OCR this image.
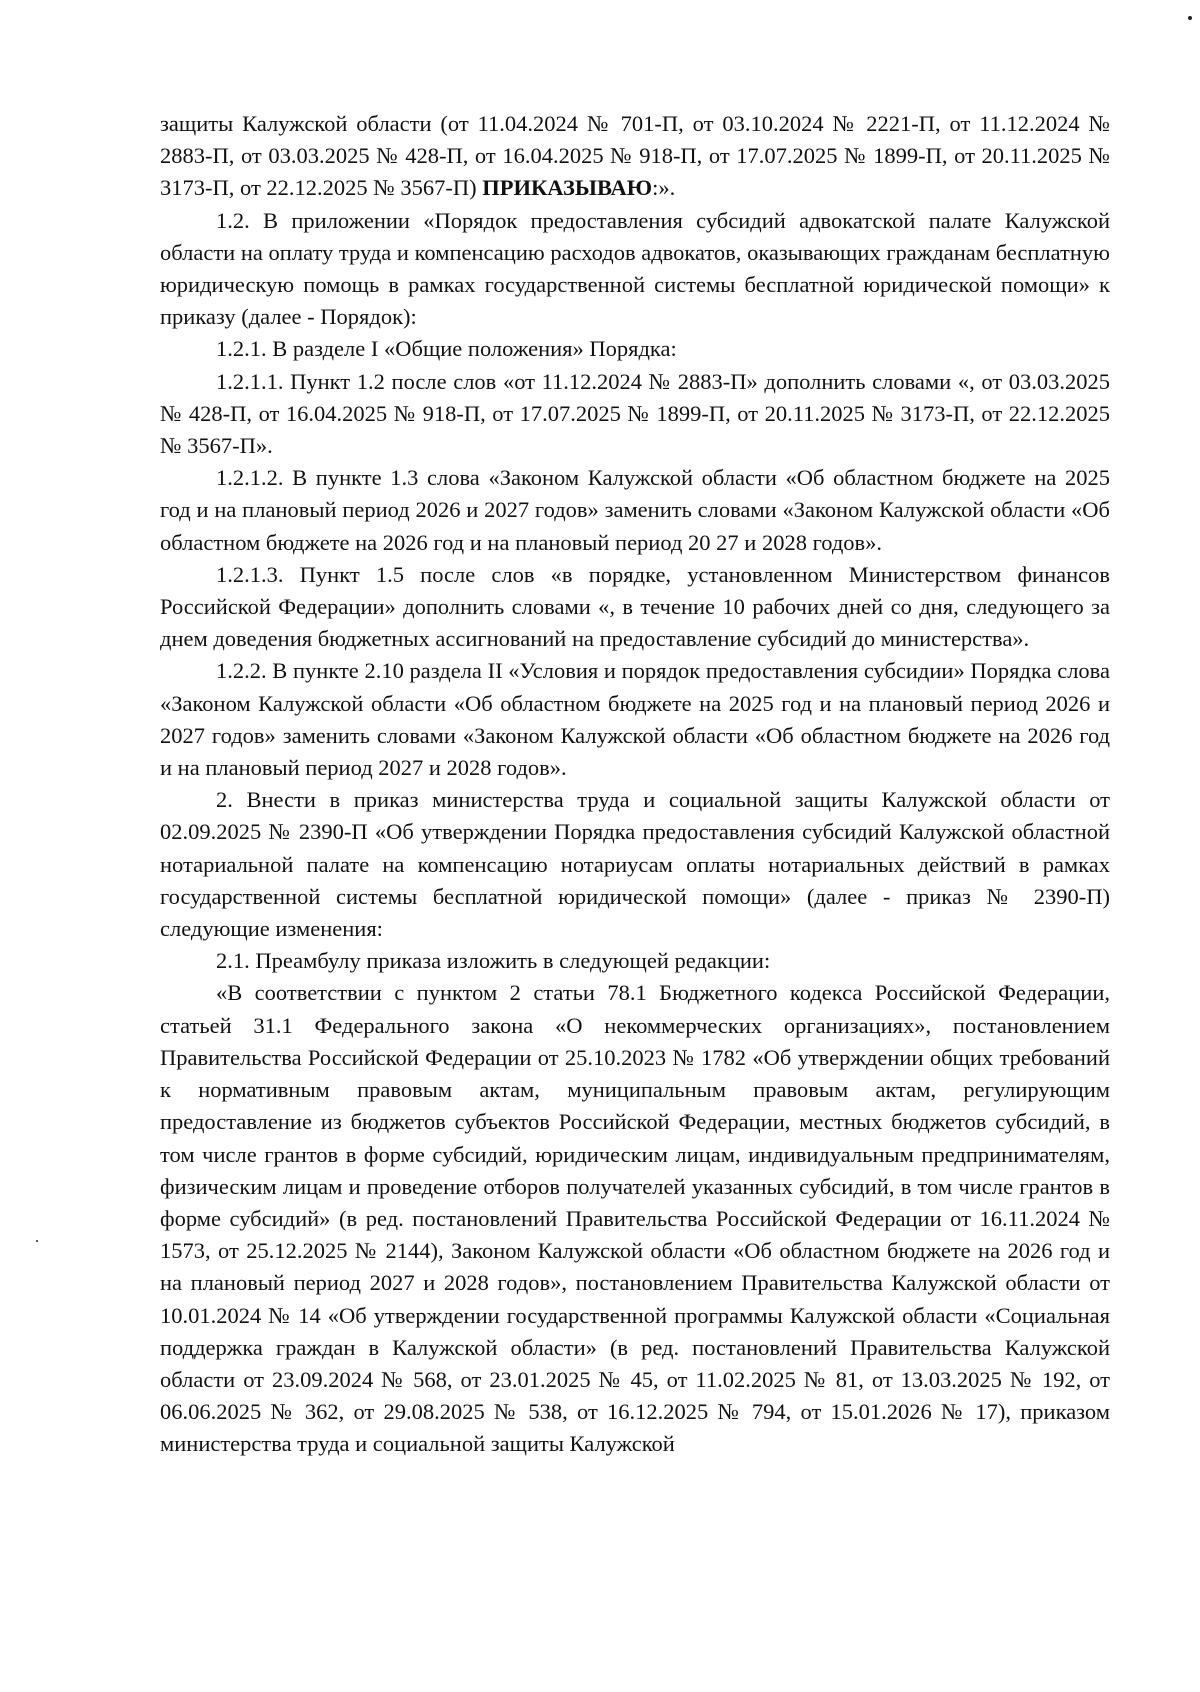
защиты Калужской области (от 11.04.2024 № 701-П, от 03.10.2024 № 2221-П, от 11.12.2024 № 2883-П, от 03.03.2025 № 428-П, от 16.04.2025 № 918-П, от 17.07.2025 № 1899-П, от 20.11.2025 № 3173-П, от 22.12.2025 № 3567-П) ПРИКАЗЫВАЮ:».

1.2. В приложении «Порядок предоставления субсидий адвокатской палате Калужской области на оплату труда и компенсацию расходов адвокатов, оказывающих гражданам бесплатную юридическую помощь в рамках государственной системы бесплатной юридической помощи» к приказу (далее - Порядок):

1.2.1. В разделе I «Общие положения» Порядка:

1.2.1.1. Пункт 1.2 после слов «от 11.12.2024 № 2883-П» дополнить словами «, от 03.03.2025 № 428-П, от 16.04.2025 № 918-П, от 17.07.2025 № 1899-П, от 20.11.2025 № 3173-П, от 22.12.2025 № 3567-П».

1.2.1.2. В пункте 1.3 слова «Законом Калужской области «Об областном бюджете на 2025 год и на плановый период 2026 и 2027 годов» заменить словами «Законом Калужской области «Об областном бюджете на 2026 год и на плановый период 20 27 и 2028 годов».

1.2.1.3. Пункт 1.5 после слов «в порядке, установленном Министерством финансов Российской Федерации» дополнить словами «, в течение 10 рабочих дней со дня, следующего за днем доведения бюджетных ассигнований на предоставление субсидий до министерства».

1.2.2. В пункте 2.10 раздела II «Условия и порядок предоставления субсидии» Порядка слова «Законом Калужской области «Об областном бюджете на 2025 год и на плановый период 2026 и 2027 годов» заменить словами «Законом Калужской области «Об областном бюджете на 2026 год и на плановый период 2027 и 2028 годов».

2. Внести в приказ министерства труда и социальной защиты Калужской области от 02.09.2025 № 2390-П «Об утверждении Порядка предоставления субсидий Калужской областной нотариальной палате на компенсацию нотариусам оплаты нотариальных действий в рамках государственной системы бесплатной юридической помощи» (далее - приказ № 2390-П) следующие изменения:

2.1. Преамбулу приказа изложить в следующей редакции:

«В соответствии с пунктом 2 статьи 78.1 Бюджетного кодекса Российской Федерации, статьей 31.1 Федерального закона «О некоммерческих организациях», постановлением Правительства Российской Федерации от 25.10.2023 № 1782 «Об утверждении общих требований к нормативным правовым актам, муниципальным правовым актам, регулирующим предоставление из бюджетов субъектов Российской Федерации, местных бюджетов субсидий, в том числе грантов в форме субсидий, юридическим лицам, индивидуальным предпринимателям, физическим лицам и проведение отборов получателей указанных субсидий, в том числе грантов в форме субсидий» (в ред. постановлений Правительства Российской Федерации от 16.11.2024 № 1573, от 25.12.2025 № 2144), Законом Калужской области «Об областном бюджете на 2026 год и на плановый период 2027 и 2028 годов», постановлением Правительства Калужской области от 10.01.2024 № 14 «Об утверждении государственной программы Калужской области «Социальная поддержка граждан в Калужской области» (в ред. постановлений Правительства Калужской области от 23.09.2024 № 568, от 23.01.2025 № 45, от 11.02.2025 № 81, от 13.03.2025 № 192, от 06.06.2025 № 362, от 29.08.2025 № 538, от 16.12.2025 № 794, от 15.01.2026 № 17), приказом министерства труда и социальной защиты Калужской
